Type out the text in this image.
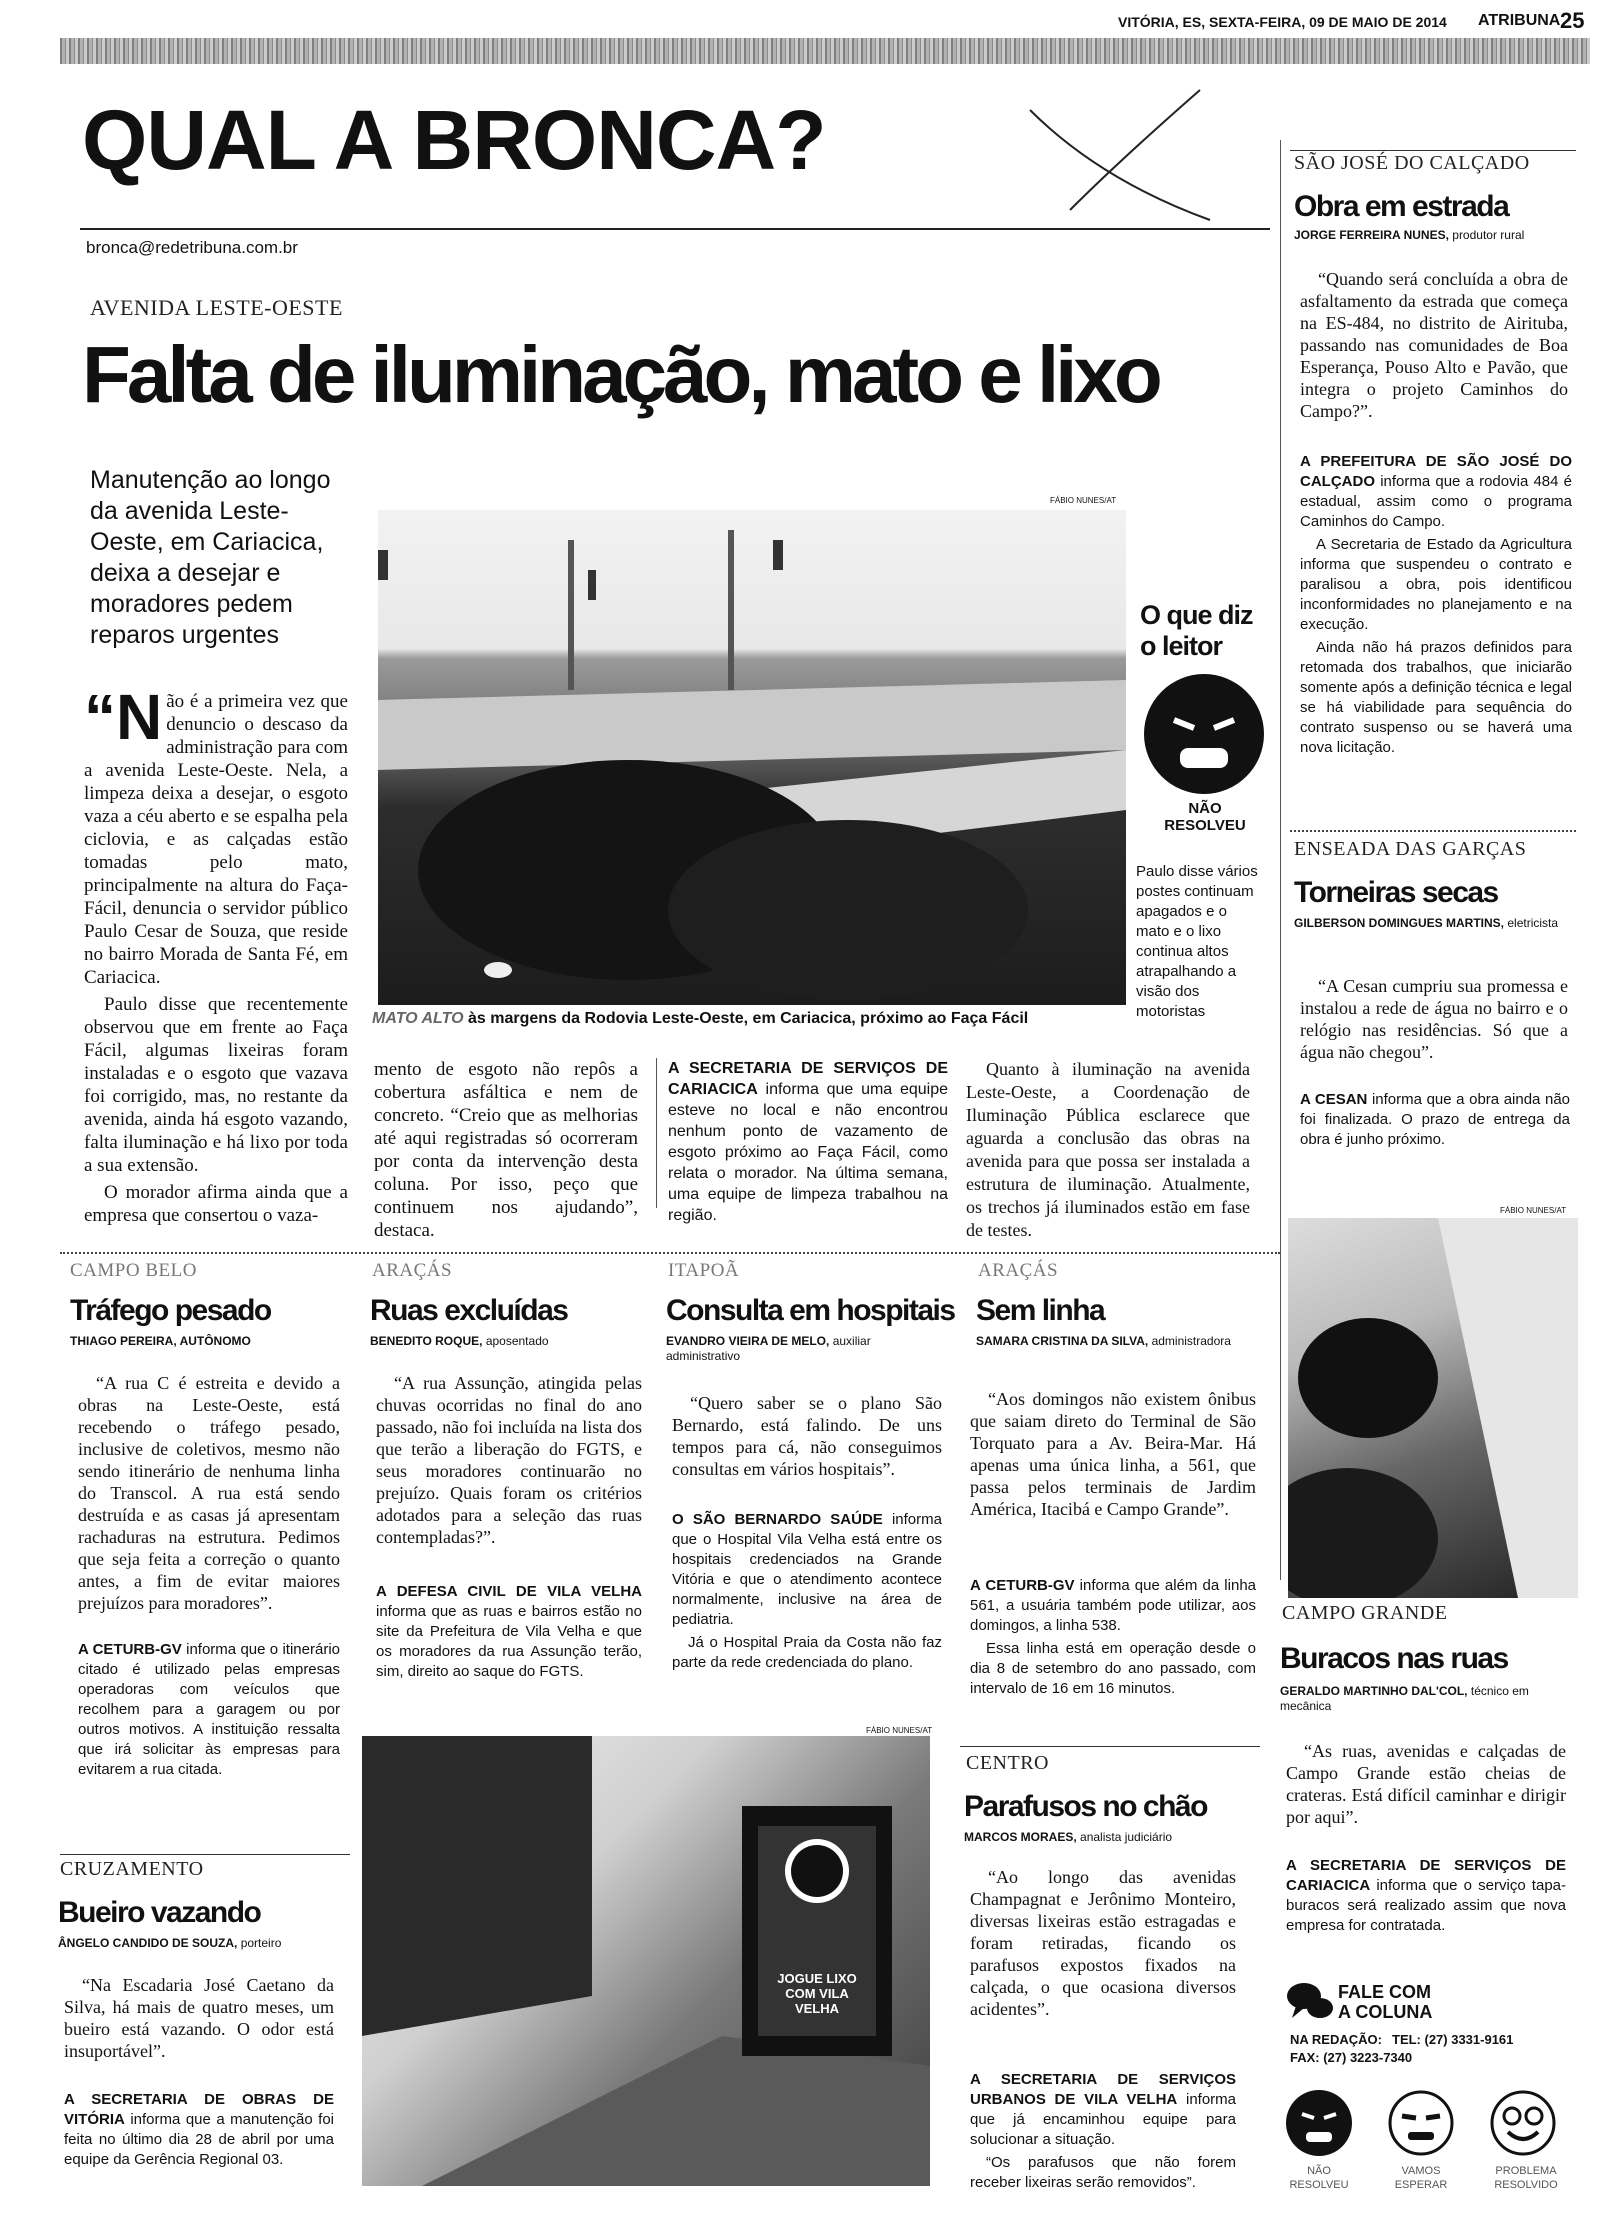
VITÓRIA, ES, SEXTA-FEIRA, 09 DE MAIO DE 2014 ATRIBUNA 25
QUAL A BRONCA?
bronca@redetribuna.com.br
AVENIDA LESTE-OESTE
Falta de iluminação, mato e lixo
Manutenção ao longo da avenida Leste-Oeste, em Cariacica, deixa a desejar e moradores pedem reparos urgentes
FÁBIO NUNES/AT
MATO ALTO às margens da Rodovia Leste-Oeste, em Cariacica, próximo ao Faça Fácil
O que diz o leitor
NÃO RESOLVEU
Paulo disse vários postes continuam apagados e o mato e o lixo continua altos atrapalhando a visão dos motoristas

“Não é a primeira vez que denuncio o descaso da administração para com a avenida Leste-Oeste. Nela, a limpeza deixa a desejar, o esgoto vaza a céu aberto e se espalha pela ciclovia, e as calçadas estão tomadas pelo mato, principalmente na altura do Faça-Fácil, denuncia o servidor público Paulo Cesar de Souza, que reside no bairro Morada de Santa Fé, em Cariacica.

Paulo disse que recentemente observou que em frente ao Faça Fácil, algumas lixeiras foram instaladas e o esgoto que vazava foi corrigido, mas, no restante da avenida, ainda há esgoto vazando, falta iluminação e há lixo por toda a sua extensão.

O morador afirma ainda que a empresa que consertou o vaza-

mento de esgoto não repôs a cobertura asfáltica e nem de concreto. “Creio que as melhorias até aqui registradas só ocorreram por conta da intervenção desta coluna. Por isso, peço que continuem nos ajudando”, destaca.

A SECRETARIA DE SERVIÇOS DE CARIACICA informa que uma equipe esteve no local e não encontrou nenhum ponto de vazamento de esgoto próximo ao Faça Fácil, como relata o morador. Na última semana, uma equipe de limpeza trabalhou na região.

Quanto à iluminação na avenida Leste-Oeste, a Coordenação de Iluminação Pública esclarece que aguarda a conclusão das obras na avenida para que possa ser instalada a estrutura de iluminação. Atualmente, os trechos já iluminados estão em fase de testes.

SÃO JOSÉ DO CALÇADO
Obra em estrada
JORGE FERREIRA NUNES, produtor rural
“Quando será concluída a obra de asfaltamento da estrada que começa na ES-484, no distrito de Airituba, passando nas comunidades de Boa Esperança, Pouso Alto e Pavão, que integra o projeto Caminhos do Campo?”.

A PREFEITURA DE SÃO JOSÉ DO CALÇADO informa que a rodovia 484 é estadual, assim como o programa Caminhos do Campo.

A Secretaria de Estado da Agricultura informa que suspendeu o contrato e paralisou a obra, pois identificou inconformidades no planejamento e na execução.

Ainda não há prazos definidos para retomada dos trabalhos, que iniciarão somente após a definição técnica e legal se há viabilidade para sequência do contrato suspenso ou se haverá uma nova licitação.

ENSEADA DAS GARÇAS
Torneiras secas
GILBERSON DOMINGUES MARTINS, eletricista
“A Cesan cumpriu sua promessa e instalou a rede de água no bairro e o relógio nas residências. Só que a água não chegou”.

A CESAN informa que a obra ainda não foi finalizada. O prazo de entrega da obra é junho próximo.

FÁBIO NUNES/AT
CAMPO BELO
Tráfego pesado
THIAGO PEREIRA, AUTÔNOMO
“A rua C é estreita e devido a obras na Leste-Oeste, está recebendo o tráfego pesado, inclusive de coletivos, mesmo não sendo itinerário de nenhuma linha do Transcol. A rua está sendo destruída e as casas já apresentam rachaduras na estrutura. Pedimos que seja feita a correção o quanto antes, a fim de evitar maiores prejuízos para moradores”.

A CETURB-GV informa que o itinerário citado é utilizado pelas empresas operadoras com veículos que recolhem para a garagem ou por outros motivos. A instituição ressalta que irá solicitar às empresas para evitarem a rua citada.

ARAÇÁS
Ruas excluídas
BENEDITO ROQUE, aposentado
“A rua Assunção, atingida pelas chuvas ocorridas no final do ano passado, não foi incluída na lista dos que terão a liberação do FGTS, e seus moradores continuarão no prejuízo. Quais foram os critérios adotados para a seleção das ruas contempladas?”.

A DEFESA CIVIL DE VILA VELHA informa que as ruas e bairros estão no site da Prefeitura de Vila Velha e que os moradores da rua Assunção terão, sim, direito ao saque do FGTS.

ITAPOÃ
Consulta em hospitais
EVANDRO VIEIRA DE MELO, auxiliar administrativo
“Quero saber se o plano São Bernardo, está falindo. De uns tempos para cá, não conseguimos consultas em vários hospitais”.

O SÃO BERNARDO SAÚDE informa que o Hospital Vila Velha está entre os hospitais credenciados na Grande Vitória e que o atendimento acontece normalmente, inclusive na área de pediatria.

Já o Hospital Praia da Costa não faz parte da rede credenciada do plano.

ARAÇÁS
Sem linha
SAMARA CRISTINA DA SILVA, administradora
“Aos domingos não existem ônibus que saiam direto do Terminal de São Torquato para a Av. Beira-Mar. Há apenas uma única linha, a 561, que passa pelos terminais de Jardim América, Itacibá e Campo Grande”.

A CETURB-GV informa que além da linha 561, a usuária também pode utilizar, aos domingos, a linha 538.

Essa linha está em operação desde o dia 8 de setembro do ano passado, com intervalo de 16 em 16 minutos.

CAMPO GRANDE
Buracos nas ruas
GERALDO MARTINHO DAL'COL, técnico em mecânica
“As ruas, avenidas e calçadas de Campo Grande estão cheias de crateras. Está difícil caminhar e dirigir por aqui”.

A SECRETARIA DE SERVIÇOS DE CARIACICA informa que o serviço tapa-buracos será realizado assim que nova empresa for contratada.

CRUZAMENTO
Bueiro vazando
ÂNGELO CANDIDO DE SOUZA, porteiro
“Na Escadaria José Caetano da Silva, há mais de quatro meses, um bueiro está vazando. O odor está insuportável”.

A SECRETARIA DE OBRAS DE VITÓRIA informa que a manutenção foi feita no último dia 28 de abril por uma equipe da Gerência Regional 03.

FÁBIO NUNES/AT
JOGUE LIXO COM VILA VELHA
CENTRO
Parafusos no chão
MARCOS MORAES, analista judiciário
“Ao longo das avenidas Champagnat e Jerônimo Monteiro, diversas lixeiras estão estragadas e foram retiradas, ficando os parafusos expostos fixados na calçada, o que ocasiona diversos acidentes”.

A SECRETARIA DE SERVIÇOS URBANOS DE VILA VELHA informa que já encaminhou equipe para solucionar a situação.

“Os parafusos que não forem receber lixeiras serão removidos”.

FALE COM
A COLUNA
NA REDAÇÃO: TEL: (27) 3331-9161
FAX: (27) 3223-7340
NÃO RESOLVEU
VAMOS ESPERAR
PROBLEMA RESOLVIDO
